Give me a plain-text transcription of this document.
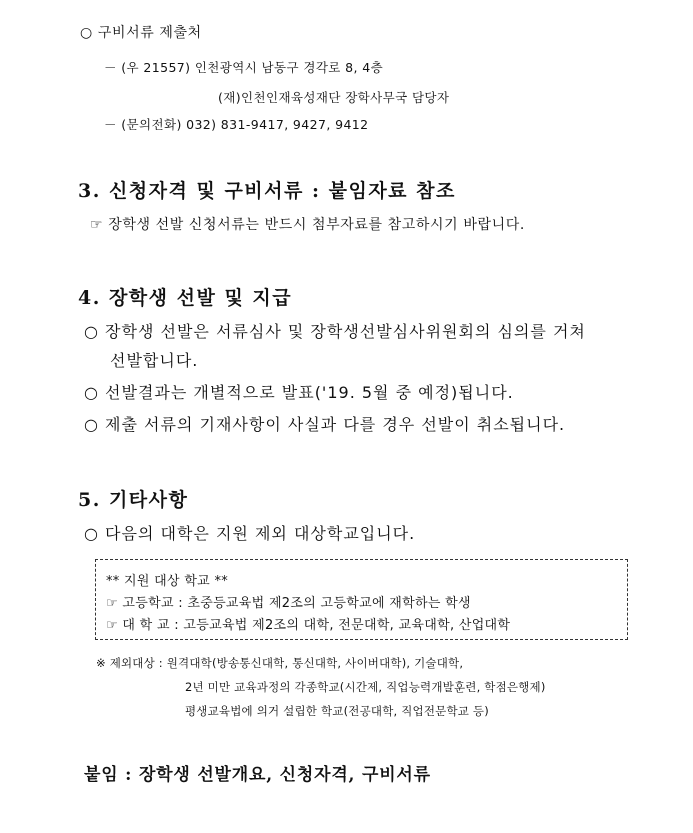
○ 구비서류 제출처
－ (우 21557) 인천광역시 남동구 경각로 8, 4층
(재)인천인재육성재단 장학사무국 담당자
－ (문의전화) 032) 831-9417, 9427, 9412
3. 신청자격 및 구비서류 : 붙임자료 참조
☞ 장학생 선발 신청서류는 반드시 첨부자료를 참고하시기 바랍니다.
4. 장학생 선발 및 지급
○ 장학생 선발은 서류심사 및 장학생선발심사위원회의 심의를 거쳐
선발합니다.
○ 선발결과는 개별적으로 발표('19. 5월 중 예정)됩니다.
○ 제출 서류의 기재사항이 사실과 다를 경우 선발이 취소됩니다.
5. 기타사항
○ 다음의 대학은 지원 제외 대상학교입니다.
** 지원 대상 학교 **
☞ 고등학교 : 초중등교육법 제2조의 고등학교에 재학하는 학생
☞ 대 학 교 : 고등교육법 제2조의 대학, 전문대학, 교육대학, 산업대학
※ 제외대상 : 원격대학(방송통신대학, 통신대학, 사이버대학), 기술대학,
2년 미만 교육과정의 각종학교(시간제, 직업능력개발훈련, 학점은행제)
평생교육법에 의거 설립한 학교(전공대학, 직업전문학교 등)
붙임 : 장학생 선발개요, 신청자격, 구비서류
